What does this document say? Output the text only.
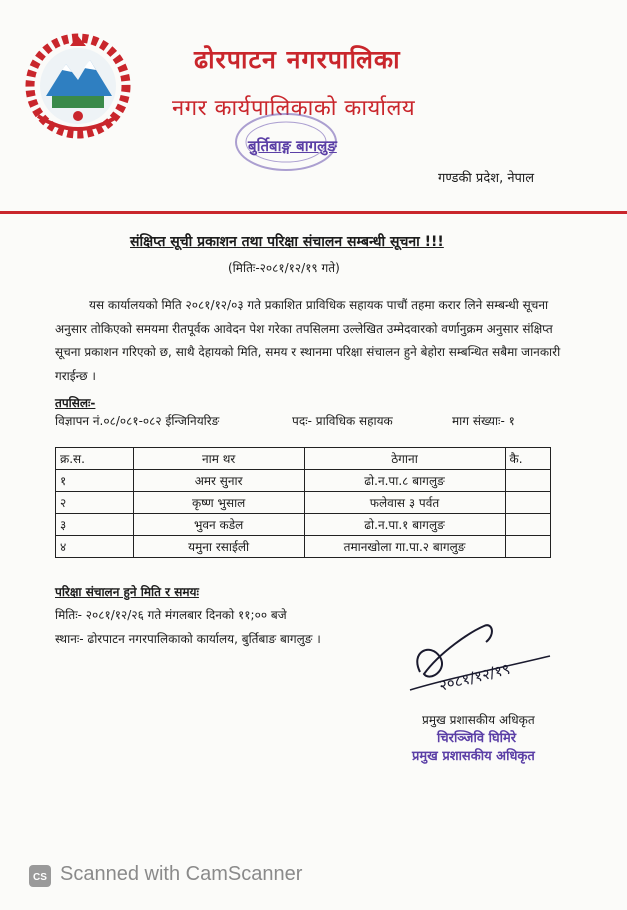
ढोरपाटन नगरपालिका
नगर कार्यपालिकाको कार्यालय
बुर्तिबाङ्ग बागलुङ
गण्डकी प्रदेश, नेपाल
संक्षिप्त सूची प्रकाशन तथा परिक्षा संचालन सम्बन्धी सूचना !!!
(मितिः-२०८१/१२/१९ गते)

यस कार्यालयको मिति २०८१/१२/०३ गते प्रकाशित प्राविधिक सहायक पाचौं तहमा करार लिने सम्बन्धी सूचना अनुसार तोकिएको समयमा रीतपूर्वक आवेदन पेश गरेका तपसिलमा उल्लेखित उम्मेदवारको वर्णानुक्रम अनुसार संक्षिप्त सूचना प्रकाशन गरिएको छ, साथै देहायको मिति, समय र स्थानमा परिक्षा संचालन हुने बेहोरा सम्बन्धित सबैमा जानकारी गराईन्छ ।

तपसिलः-
विज्ञापन नं.०८/०८१-०८२ ईन्जिनियरिङ	पदः- प्राविधिक सहायक	माग संख्याः- १
क्र.स.	नाम थर	ठेगाना	कै.
१	अमर सुनार	ढो.न.पा.८ बागलुङ	
२	कृष्ण भुसाल	फलेवास ३ पर्वत	
३	भुवन कडेल	ढो.न.पा.१ बागलुङ	
४	यमुना रसाईली	तमानखोला गा.पा.२ बागलुङ	
परिक्षा संचालन हुने मिति र समयः
मितिः- २०८१/१२/२६ गते मंगलबार दिनको ११;०० बजे
स्थानः- ढोरपाटन नगरपालिकाको कार्यालय, बुर्तिबाङ बागलुङ ।
२०८१/१२/१९
प्रमुख प्रशासकीय अधिकृत
चिरञ्जिवि घिमिरे
प्रमुख प्रशासकीय अधिकृत
CS Scanned with CamScanner
